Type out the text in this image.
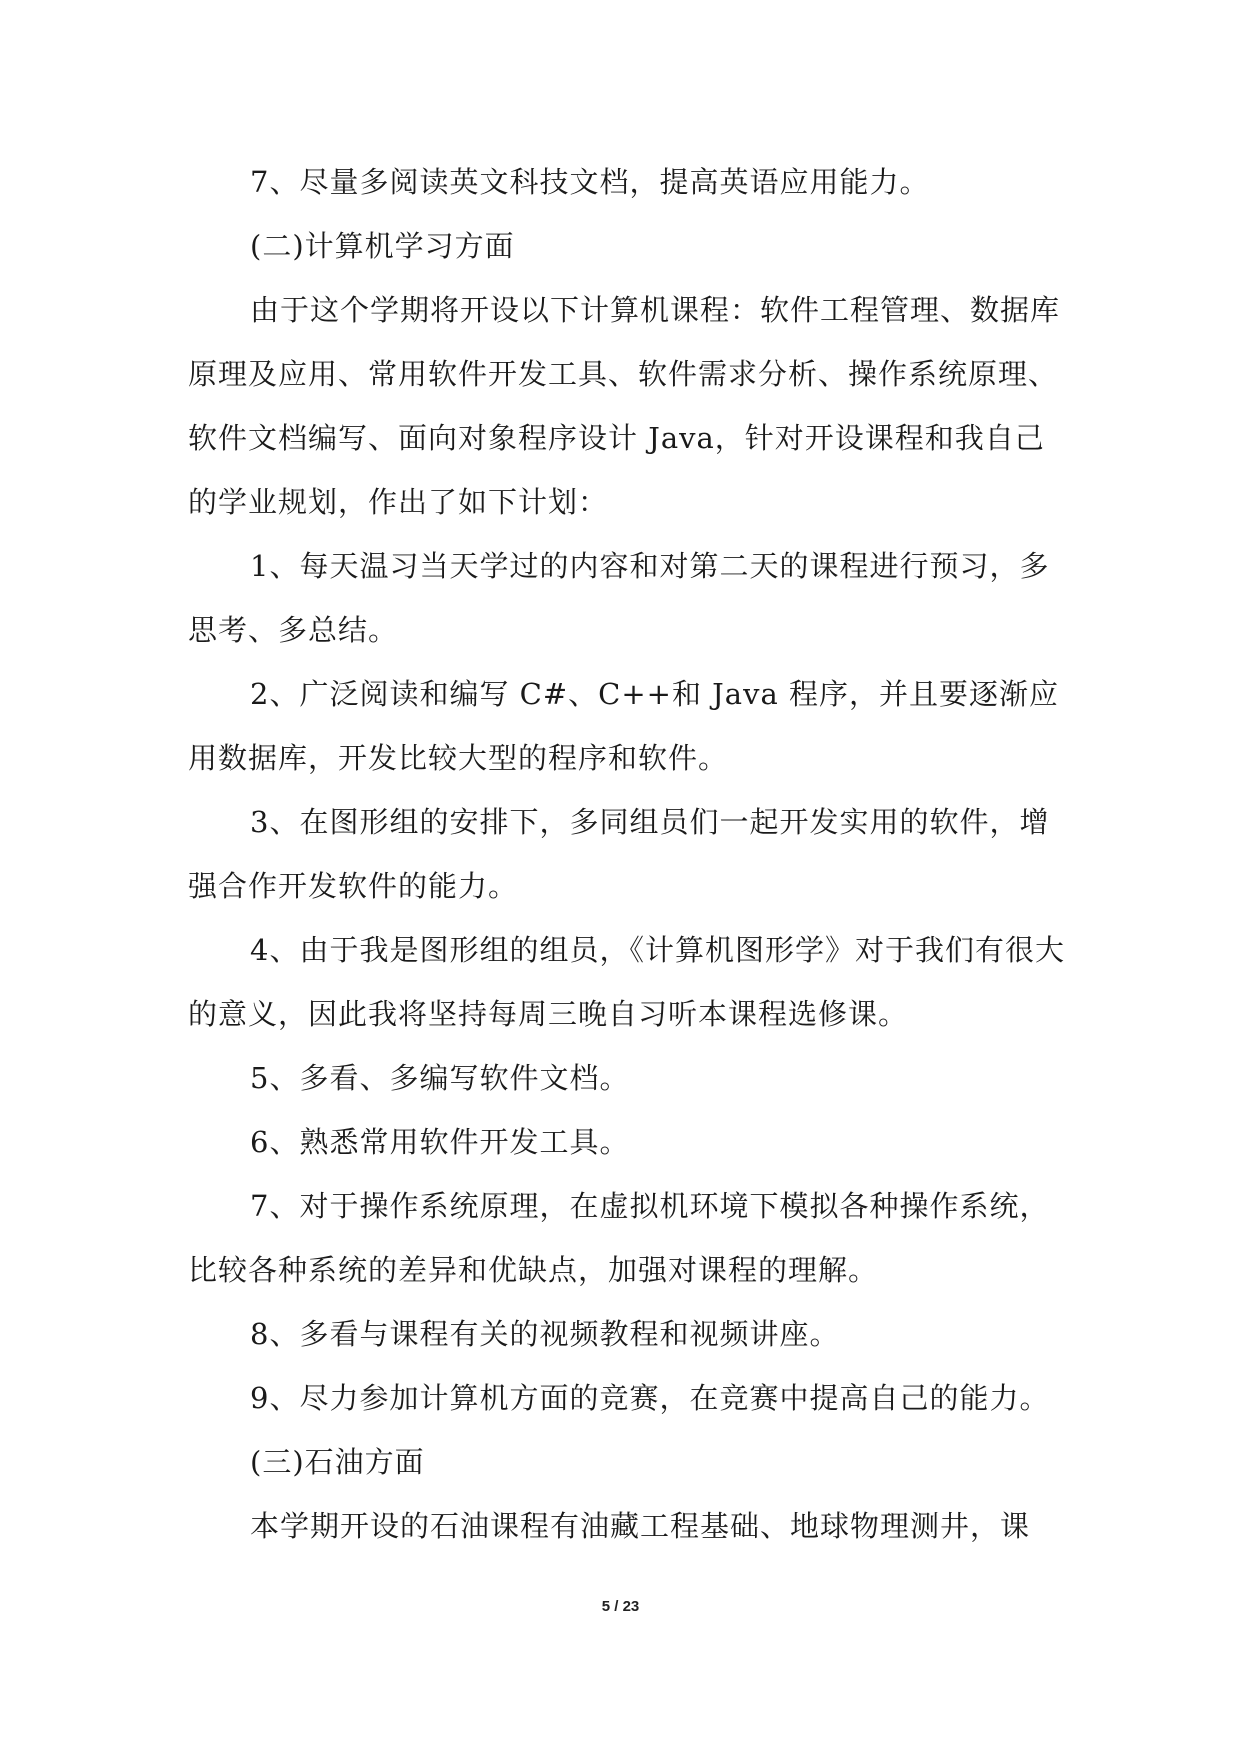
7、尽量多阅读英文科技文档，提高英语应用能力。

(二)计算机学习方面

由于这个学期将开设以下计算机课程：软件工程管理、数据库原理及应用、常用软件开发工具、软件需求分析、操作系统原理、软件文档编写、面向对象程序设计 Java，针对开设课程和我自己的学业规划，作出了如下计划：

1、每天温习当天学过的内容和对第二天的课程进行预习，多思考、多总结。

2、广泛阅读和编写 C#、C++和 Java 程序，并且要逐渐应用数据库，开发比较大型的程序和软件。

3、在图形组的安排下，多同组员们一起开发实用的软件，增强合作开发软件的能力。

4、由于我是图形组的组员，《计算机图形学》对于我们有很大的意义，因此我将坚持每周三晚自习听本课程选修课。

5、多看、多编写软件文档。

6、熟悉常用软件开发工具。

7、对于操作系统原理，在虚拟机环境下模拟各种操作系统，比较各种系统的差异和优缺点，加强对课程的理解。

8、多看与课程有关的视频教程和视频讲座。

9、尽力参加计算机方面的竞赛，在竞赛中提高自己的能力。

(三)石油方面

本学期开设的石油课程有油藏工程基础、地球物理测井，课

5 / 23
